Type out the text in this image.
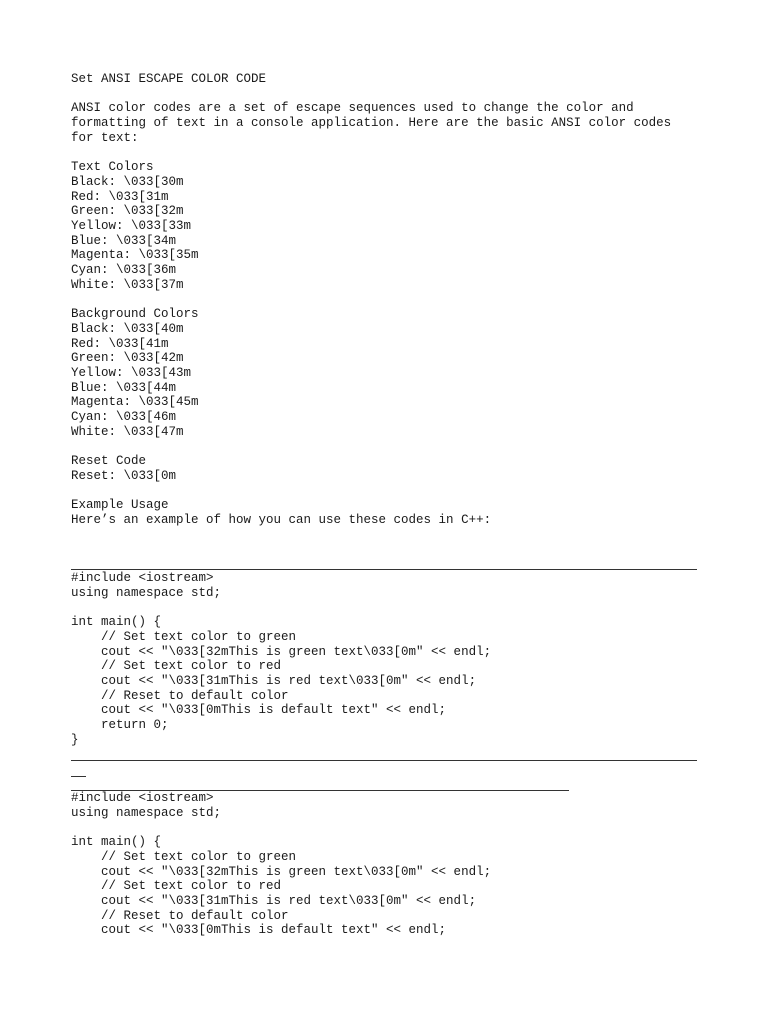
Set ANSI ESCAPE COLOR CODE

ANSI color codes are a set of escape sequences used to change the color and
formatting of text in a console application. Here are the basic ANSI color codes
for text:

Text Colors
Black: \033[30m
Red: \033[31m
Green: \033[32m
Yellow: \033[33m
Blue: \033[34m
Magenta: \033[35m
Cyan: \033[36m
White: \033[37m

Background Colors
Black: \033[40m
Red: \033[41m
Green: \033[42m
Yellow: \033[43m
Blue: \033[44m
Magenta: \033[45m
Cyan: \033[46m
White: \033[47m

Reset Code
Reset: \033[0m

Example Usage
Here’s an example of how you can use these codes in C++:
#include <iostream>
using namespace std;

int main() {
// Set text color to green
cout << "\033[32mThis is green text\033[0m" << endl;
// Set text color to red
cout << "\033[31mThis is red text\033[0m" << endl;
// Reset to default color
cout << "\033[0mThis is default text" << endl;
return 0;
}
#include <iostream>
using namespace std;

int main() {
// Set text color to green
cout << "\033[32mThis is green text\033[0m" << endl;
// Set text color to red
cout << "\033[31mThis is red text\033[0m" << endl;
// Reset to default color
cout << "\033[0mThis is default text" << endl;
